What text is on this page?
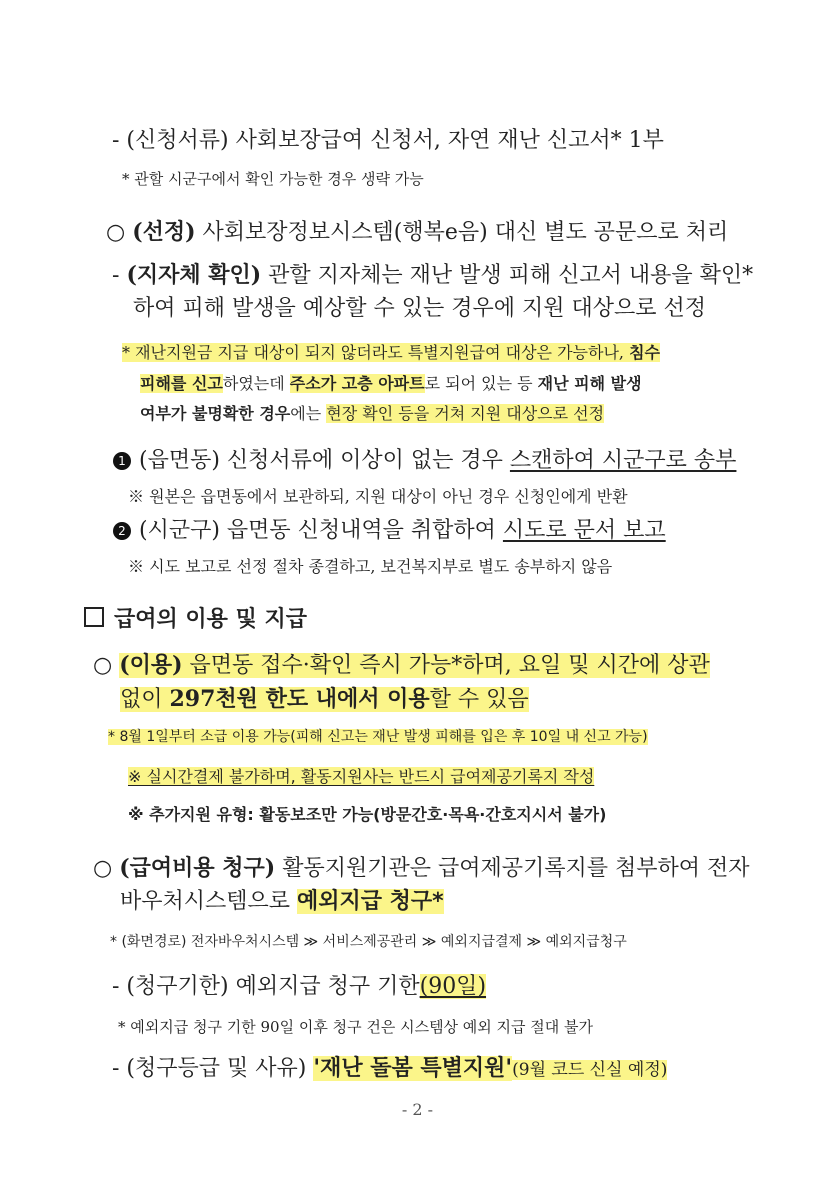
- (신청서류) 사회보장급여 신청서, 자연 재난 신고서* 1부
* 관할 시군구에서 확인 가능한 경우 생략 가능
○ (선정) 사회보장정보시스템(행복e음) 대신 별도 공문으로 처리
- (지자체 확인) 관할 지자체는 재난 발생 피해 신고서 내용을 확인*
하여 피해 발생을 예상할 수 있는 경우에 지원 대상으로 선정
* 재난지원금 지급 대상이 되지 않더라도 특별지원급여 대상은 가능하나, 침수
피해를 신고하였는데 주소가 고층 아파트로 되어 있는 등 재난 피해 발생
여부가 불명확한 경우에는 현장 확인 등을 거쳐 지원 대상으로 선정
1 (읍면동) 신청서류에 이상이 없는 경우 스캔하여 시군구로 송부
※ 원본은 읍면동에서 보관하되, 지원 대상이 아닌 경우 신청인에게 반환
2 (시군구) 읍면동 신청내역을 취합하여 시도로 문서 보고
※ 시도 보고로 선정 절차 종결하고, 보건복지부로 별도 송부하지 않음
급여의 이용 및 지급
○ (이용) 읍면동 접수·확인 즉시 가능*하며, 요일 및 시간에 상관
없이 297천원 한도 내에서 이용할 수 있음
* 8월 1일부터 소급 이용 가능(피해 신고는 재난 발생 피해를 입은 후 10일 내 신고 가능)
※ 실시간결제 불가하며, 활동지원사는 반드시 급여제공기록지 작성
※ 추가지원 유형: 활동보조만 가능(방문간호·목욕·간호지시서 불가)
○ (급여비용 청구) 활동지원기관은 급여제공기록지를 첨부하여 전자
바우처시스템으로 예외지급 청구*
* (화면경로) 전자바우처시스템 ≫ 서비스제공관리 ≫ 예외지급결제 ≫ 예외지급청구
- (청구기한) 예외지급 청구 기한(90일)
* 예외지급 청구 기한 90일 이후 청구 건은 시스템상 예외 지급 절대 불가
- (청구등급 및 사유) '재난 돌봄 특별지원'(9월 코드 신실 예정)
- 2 -
